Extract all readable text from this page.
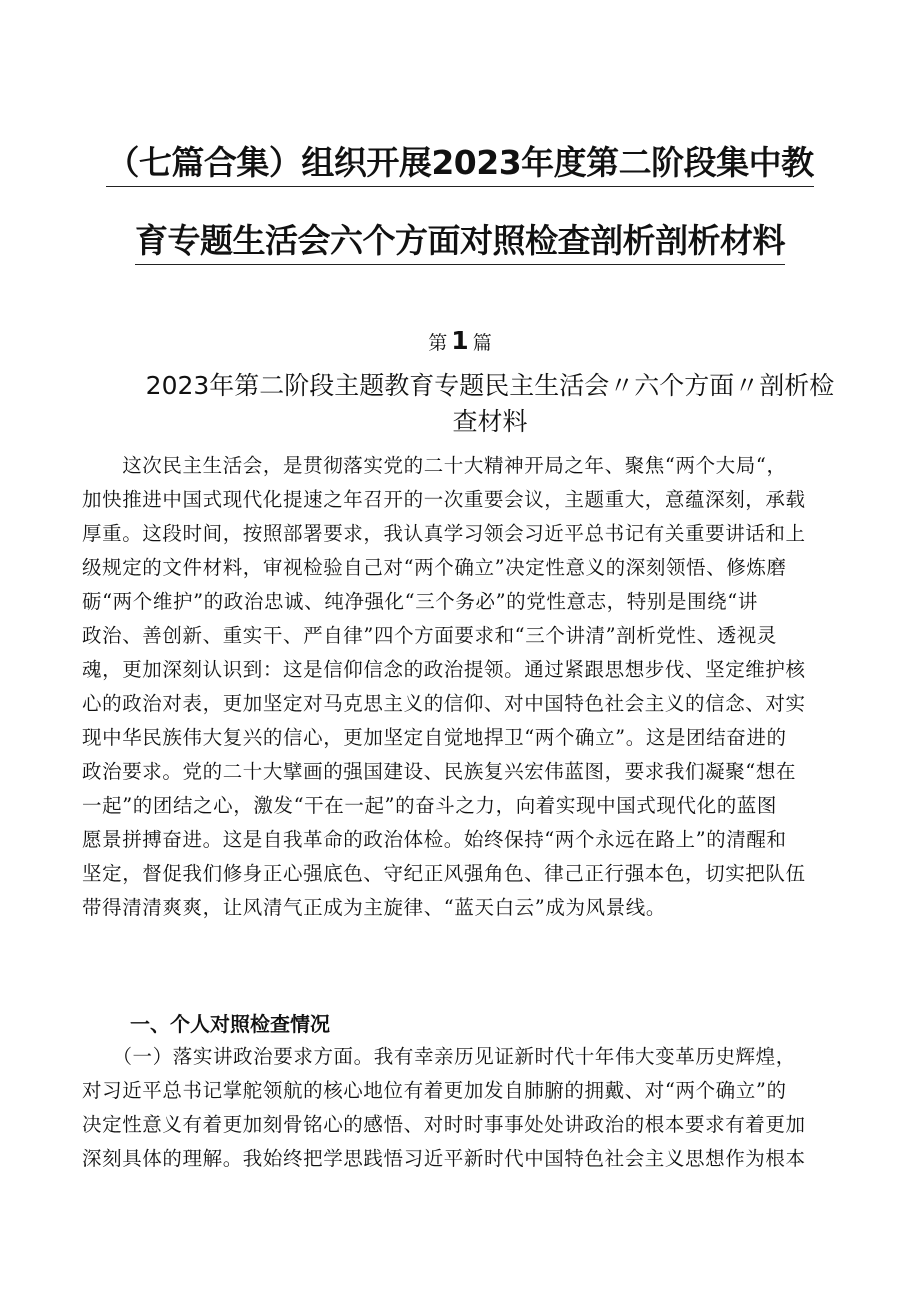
（七篇合集）组织开展2023年度第二阶段集中教
育专题生活会六个方面对照检查剖析剖析材料
第 1 篇
2023年第二阶段主题教育专题民主生活会〃六个方面〃剖析检
查材料
　　这次民主生活会，是贯彻落实党的二十大精神开局之年、聚焦“两个大局“，
加快推进中国式现代化提速之年召开的一次重要会议，主题重大，意蕴深刻，承载
厚重。这段时间，按照部署要求，我认真学习领会习近平总书记有关重要讲话和上
级规定的文件材料，审视检验自己对“两个确立”决定性意义的深刻领悟、修炼磨
砺“两个维护”的政治忠诚、纯净强化“三个务必”的党性意志，特别是围绕“讲
政治、善创新、重实干、严自律”四个方面要求和“三个讲清”剖析党性、透视灵
魂，更加深刻认识到：这是信仰信念的政治提领。通过紧跟思想步伐、坚定维护核
心的政治对表，更加坚定对马克思主义的信仰、对中国特色社会主义的信念、对实
现中华民族伟大复兴的信心，更加坚定自觉地捍卫“两个确立”。这是团结奋进的
政治要求。党的二十大擘画的强国建设、民族复兴宏伟蓝图，要求我们凝聚“想在
一起”的团结之心，激发“干在一起”的奋斗之力，向着实现中国式现代化的蓝图
愿景拼搏奋进。这是自我革命的政治体检。始终保持“两个永远在路上”的清醒和
坚定，督促我们修身正心强底色、守纪正风强角色、律己正行强本色，切实把队伍
带得清清爽爽，让风清气正成为主旋律、“蓝天白云”成为风景线。
一、个人对照检查情况
　　（一）落实讲政治要求方面。我有幸亲历见证新时代十年伟大变革历史辉煌，
对习近平总书记掌舵领航的核心地位有着更加发自肺腑的拥戴、对“两个确立”的
决定性意义有着更加刻骨铭心的感悟、对时时事事处处讲政治的根本要求有着更加
深刻具体的理解。我始终把学思践悟习近平新时代中国特色社会主义思想作为根本
